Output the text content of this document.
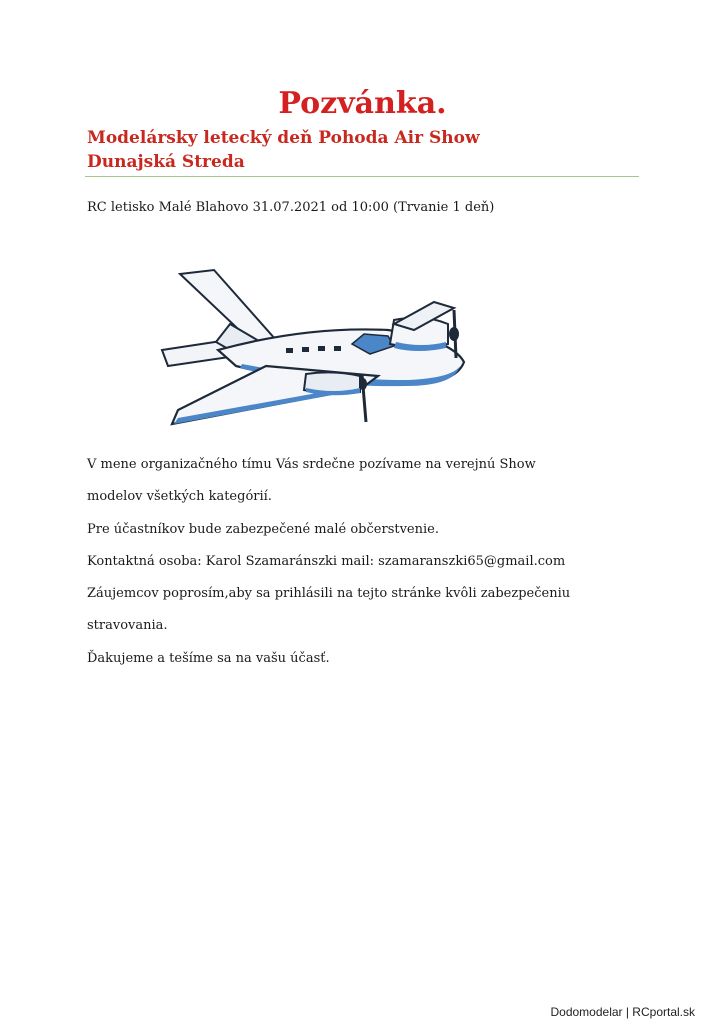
Pozvánka.
Modelársky letecký deň Pohoda Air Show
Dunajská Streda

RC letisko Malé Blahovo 31.07.2021 od 10:00 (Trvanie 1 deň)

V mene organizačného tímu Vás srdečne pozívame na verejnú Show
modelov všetkých kategórií.
Pre účastníkov bude zabezpečené malé občerstvenie.
Kontaktná osoba: Karol Szamaránszki mail: szamaranszki65@gmail.com
Záujemcov poprosím,aby sa prihlásili na tejto stránke kvôli zabezpečeniu
stravovania.
Ďakujeme a tešíme sa na vašu účasť.
Dodomodelar | RCportal.sk
